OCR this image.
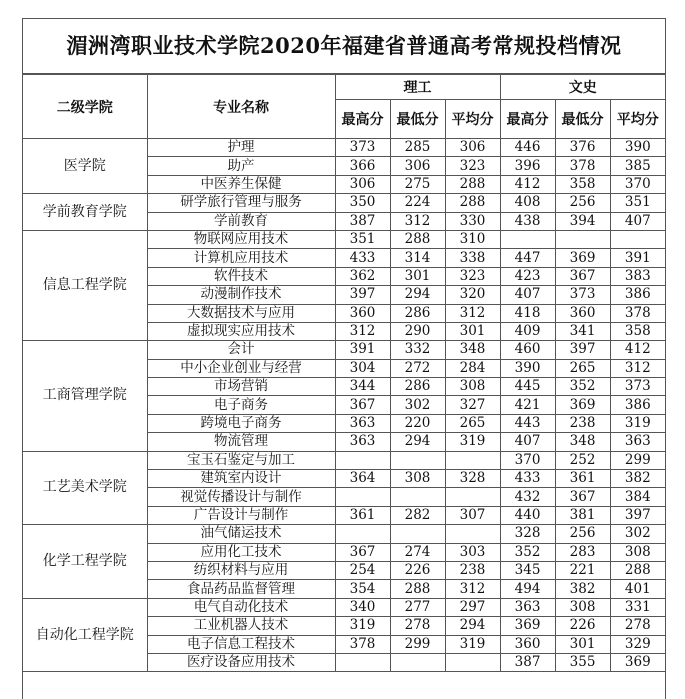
湄洲湾职业技术学院2020年福建省普通高考常规投档情况
二级学院	专业名称	理工			文史		
		最高分	最低分	平均分	最高分	最低分	平均分
医学院	护理	373	285	306	446	376	390
	助产	366	306	323	396	378	385
	中医养生保健	306	275	288	412	358	370
学前教育学院	研学旅行管理与服务	350	224	288	408	256	351
	学前教育	387	312	330	438	394	407
信息工程学院	物联网应用技术	351	288	310			
	计算机应用技术	433	314	338	447	369	391
	软件技术	362	301	323	423	367	383
	动漫制作技术	397	294	320	407	373	386
	大数据技术与应用	360	286	312	418	360	378
	虚拟现实应用技术	312	290	301	409	341	358
工商管理学院	会计	391	332	348	460	397	412
	中小企业创业与经营	304	272	284	390	265	312
	市场营销	344	286	308	445	352	373
	电子商务	367	302	327	421	369	386
	跨境电子商务	363	220	265	443	238	319
	物流管理	363	294	319	407	348	363
工艺美术学院	宝玉石鉴定与加工				370	252	299
	建筑室内设计	364	308	328	433	361	382
	视觉传播设计与制作				432	367	384
	广告设计与制作	361	282	307	440	381	397
化学工程学院	油气储运技术				328	256	302
	应用化工技术	367	274	303	352	283	308
	纺织材料与应用	254	226	238	345	221	288
	食品药品监督管理	354	288	312	494	382	401
自动化工程学院	电气自动化技术	340	277	297	363	308	331
	工业机器人技术	319	278	294	369	226	278
	电子信息工程技术	378	299	319	360	301	329
	医疗设备应用技术				387	355	369
